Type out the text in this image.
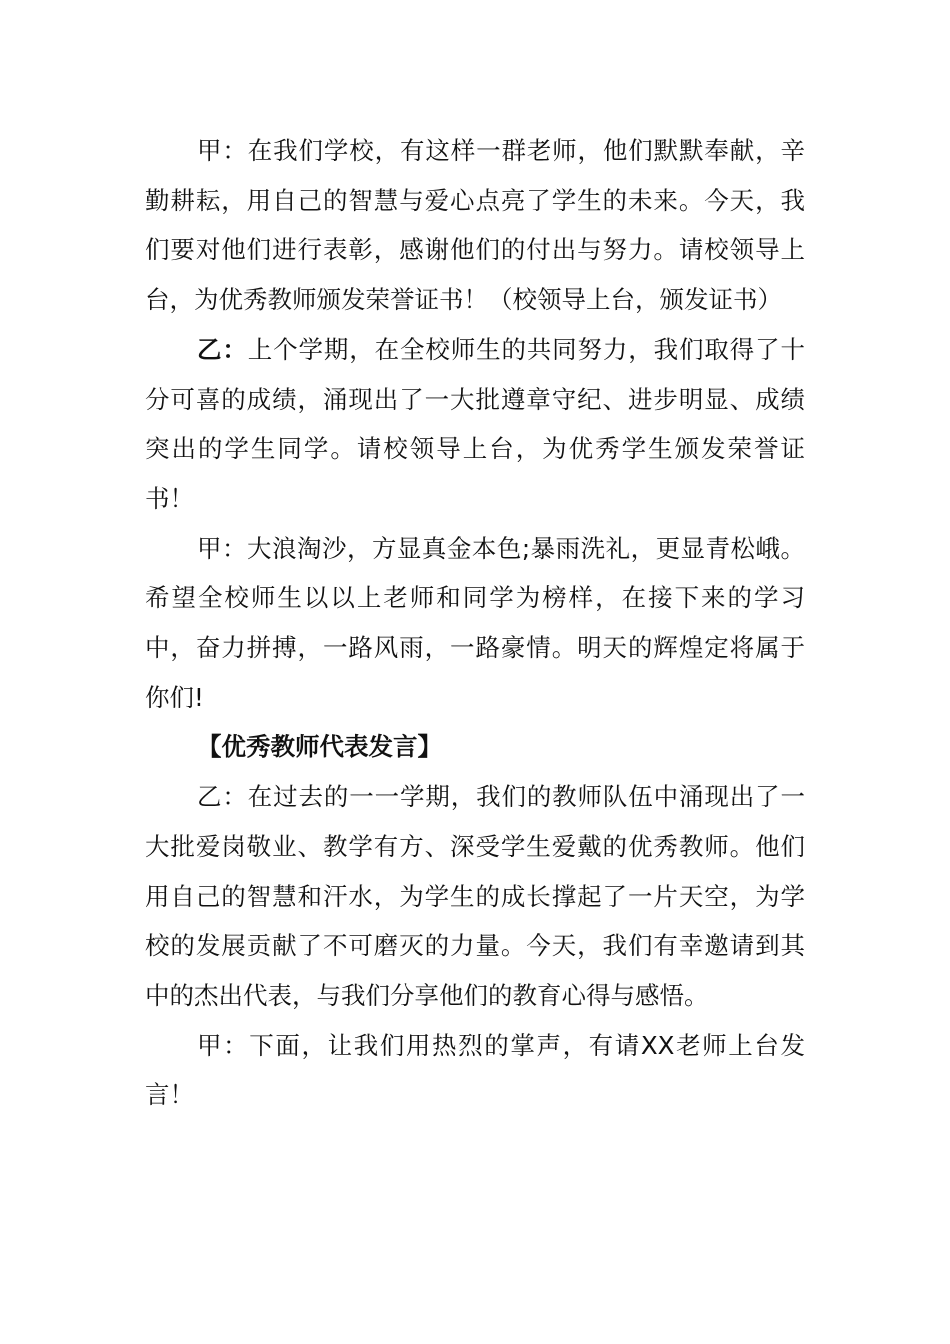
甲：在我们学校，有这样一群老师，他们默默奉献，辛勤耕耘，用自己的智慧与爱心点亮了学生的未来。今天，我们要对他们进行表彰，感谢他们的付出与努力。请校领导上台，为优秀教师颁发荣誉证书！（校领导上台，颁发证书）

乙：上个学期，在全校师生的共同努力，我们取得了十分可喜的成绩，涌现出了一大批遵章守纪、进步明显、成绩突出的学生同学。请校领导上台，为优秀学生颁发荣誉证书！

甲：大浪淘沙，方显真金本色;暴雨洗礼，更显青松峨。希望全校师生以以上老师和同学为榜样，在接下来的学习中，奋力拼搏，一路风雨，一路豪情。明天的辉煌定将属于你们!

【优秀教师代表发言】

乙：在过去的一一学期，我们的教师队伍中涌现出了一大批爱岗敬业、教学有方、深受学生爱戴的优秀教师。他们用自己的智慧和汗水，为学生的成长撑起了一片天空，为学校的发展贡献了不可磨灭的力量。今天，我们有幸邀请到其中的杰出代表，与我们分享他们的教育心得与感悟。

甲：下面，让我们用热烈的掌声，有请XX老师上台发言！
